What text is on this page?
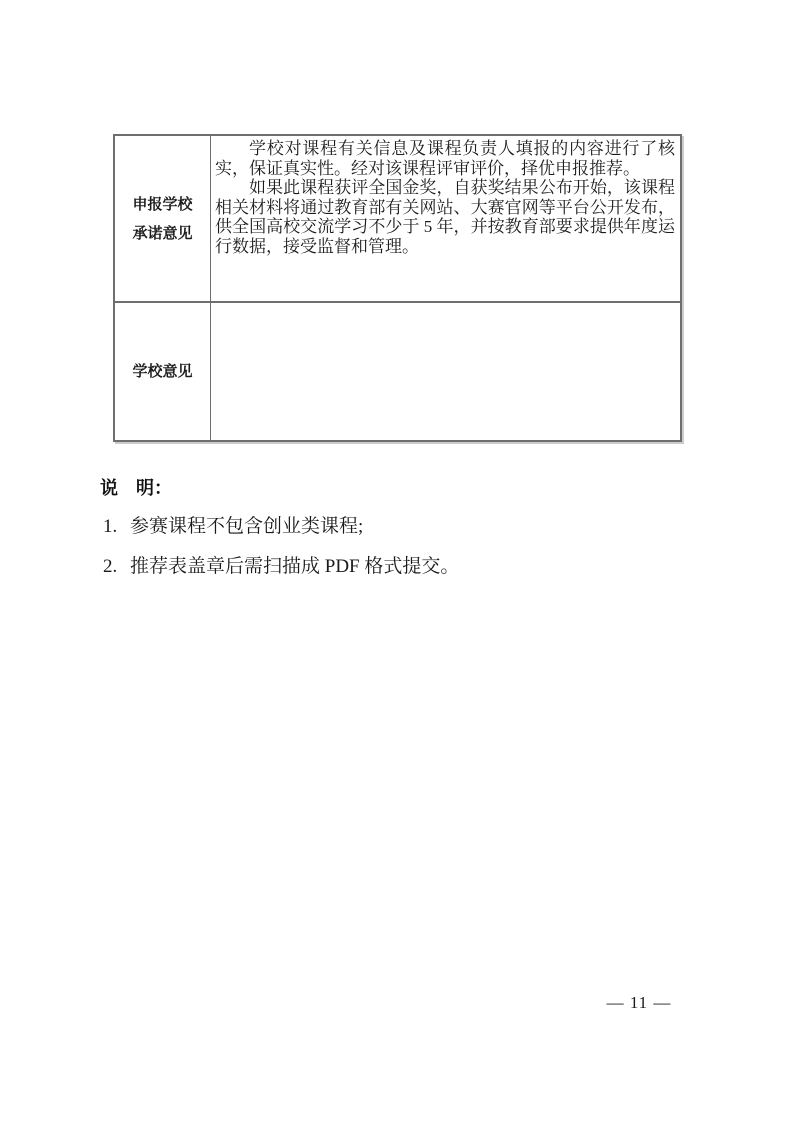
申报学校
承诺意见

学校对课程有关信息及课程负责人填报的内容进行了核实，保证真实性。经对该课程评审评价，择优申报推荐。

如果此课程获评全国金奖，自获奖结果公布开始，该课程相关材料将通过教育部有关网站、大赛官网等平台公开发布，供全国高校交流学习不少于 5 年，并按教育部要求提供年度运行数据，接受监督和管理。

学校意见
说　明：
1. 参赛课程不包含创业类课程;
2. 推荐表盖章后需扫描成 PDF 格式提交。
— 11 —
